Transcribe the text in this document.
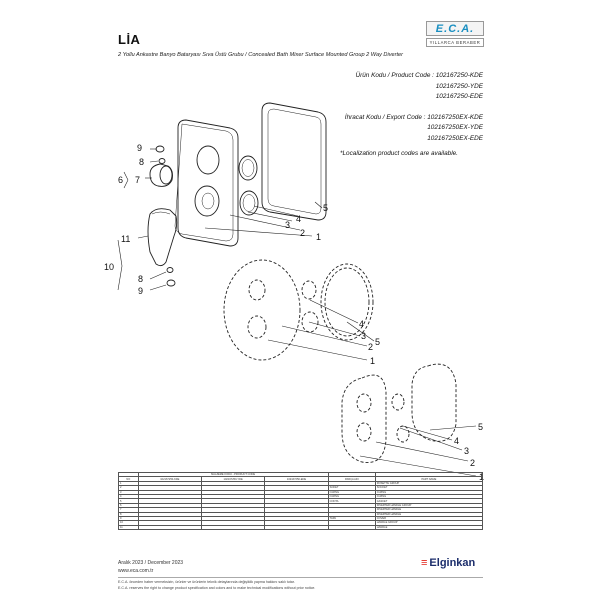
LİA
2 Yollu Ankastre Banyo Bataryası Sıva Üstü Grubu / Concealed Bath Mixer Surface Mounted Group 2 Way Diverter
E.C.A.
YILLARCA BERABER
Ürün Kodu / Product Code : 102167250-KDE
102167250-YDE
102167250-EDE
İhracat Kodu / Export Code : 102167250EX-KDE
102167250EX-YDE
102167250EX-EDE
*Localization product codes are available.
1
2
3
4
5
9
8
7
6
11
10
8
9
1
2
3
4
5
1
2
3
4
5
	MALZEME KODU - PRODUCT CODE				
NO	102167250-KDE	102167250-YDE	102167250-EDE	PARÇA ADI	PART NAME
1					ROSETTE GROUP
2				SOKET	SOCKET
3				O-RING	O-RING
4				O-RING	O-RING
5				CONTA	GASKET
6					DIVERTER HANDLE GROUP
7					DIVERTER HANDLE
8					DIVERTER HANDLE
9				TAPA	COVER
10					HANDLE GROUP
11					HANDLE
Aralık 2023 / December 2023
www.eca.com.tr
E.C.A. önceden haber vermeksizin, ürünler ve ürünlerin teknik detaylarında değişiklik yapma hakkını saklı tutar.
E.C.A. reserves the right to change product specification and colors and to make technical modifications without prior notice.
≡ Elginkan
